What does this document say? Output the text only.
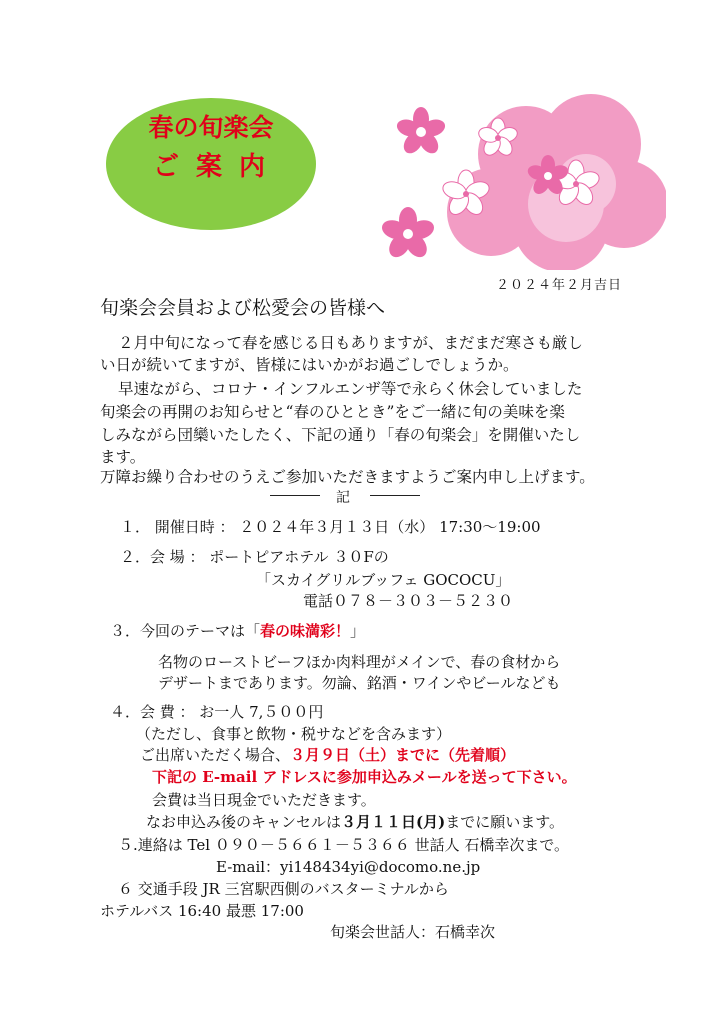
春の旬楽会
ご 案 内
２０２４年２月吉日
旬楽会会員および松愛会の皆様へ
２月中旬になって春を感じる日もありますが、まだまだ寒さも厳し
い日が続いてますが、皆様にはいかがお過ごしでしょうか。
早速ながら、コロナ・インフルエンザ等で永らく休会していました
旬楽会の再開のお知らせと“春のひととき”をご一緒に旬の美味を楽
しみながら団欒いたしたく、下記の通り「春の旬楽会」を開催いたし
ます。
万障お繰り合わせのうえご参加いただきますようご案内申し上げます。
記
１． 開催日時 ： ２０２４年３月１３日（水） 17:30～19:00
２．会 場 ： ポートピアホテル ３０Fの
「スカイグリルブッフェ GOCOCU」
電話０７８－３０３－５２３０
３．今回のテーマは「春の味満彩！」
名物のローストビーフほか肉料理がメインで、春の食材から
デザートまであります。勿論、銘酒・ワインやビールなども
４．会 費 ： お一人 7,５００円
（ただし、食事と飲物・税サなどを含みます）
ご出席いただく場合、３月９日（土）までに（先着順）
下記の E-mail アドレスに参加申込みメールを送って下さい。
会費は当日現金でいただきます。
なお申込み後のキャンセルは３月１１日(月)までに願います。
５.連絡は Tel ０９０－５６６１－５３６６ 世話人 石橋幸次まで。
E-mail：yi148434yi@docomo.ne.jp
６ 交通手段 JR 三宮駅西側のバスターミナルから
ホテルバス 16:40 最悪 17:00
旬楽会世話人：石橋幸次
